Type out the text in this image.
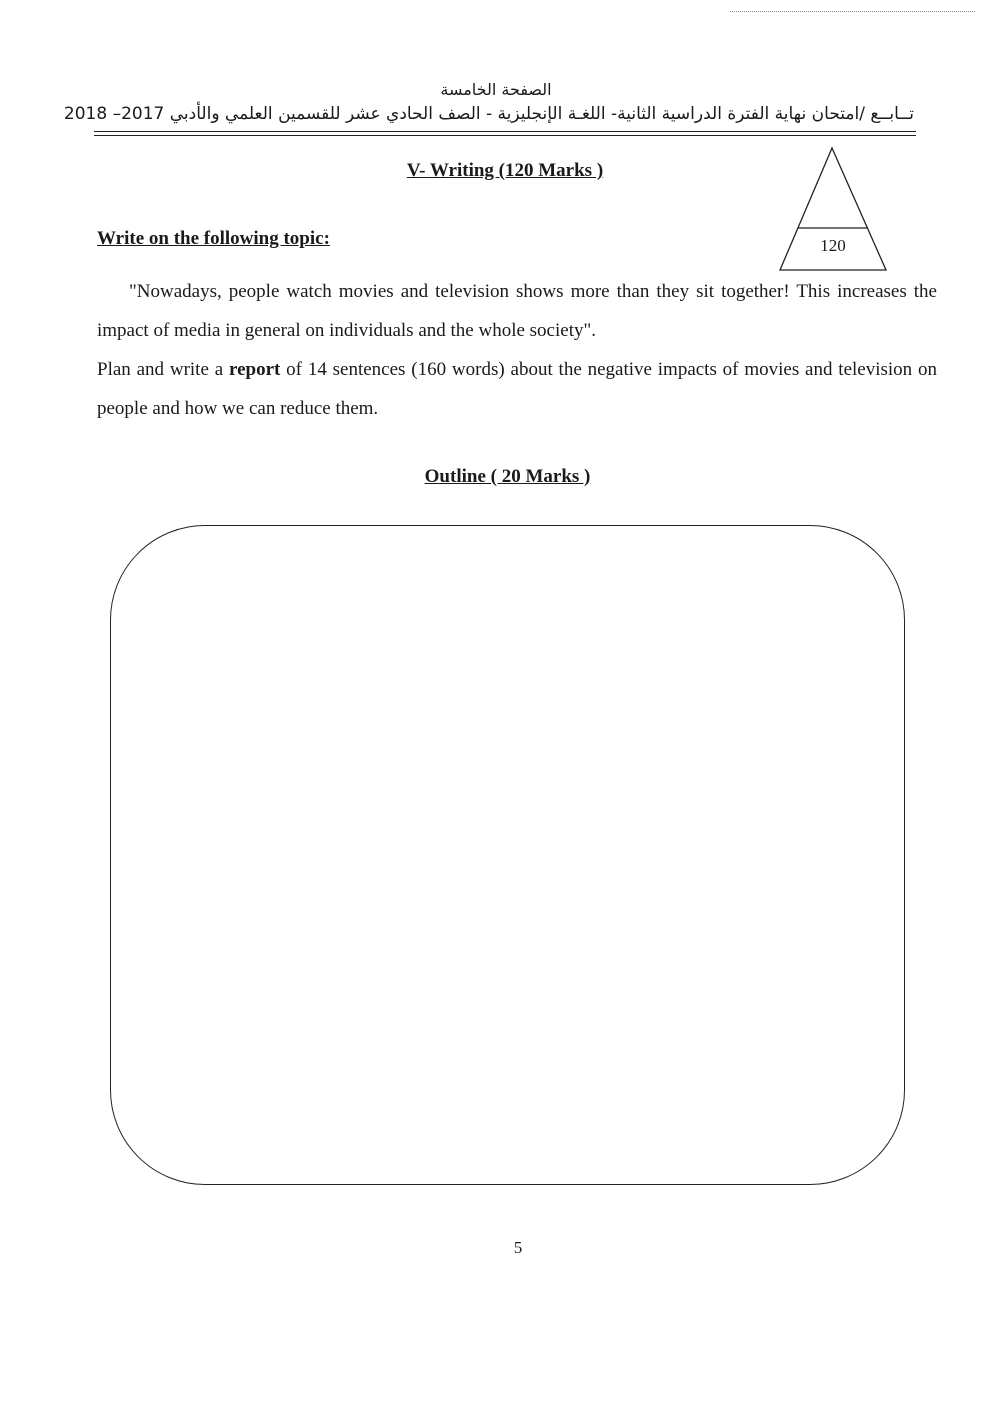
الصفحة الخامسة
تــابــع /امتحان نهاية الفترة الدراسية الثانية- اللغـة الإنجليزية - الصف الحادي عشر للقسمين العلمي والأدبي 2017– 2018
V- Writing (120 Marks )
120
Write on the following topic:

"Nowadays, people watch movies and television shows more than they sit together! This increases the impact of media in general on individuals and the whole society".

Plan and write a report of 14 sentences (160 words) about the negative impacts of movies and television on people and how we can reduce them.

Outline ( 20 Marks )
5
